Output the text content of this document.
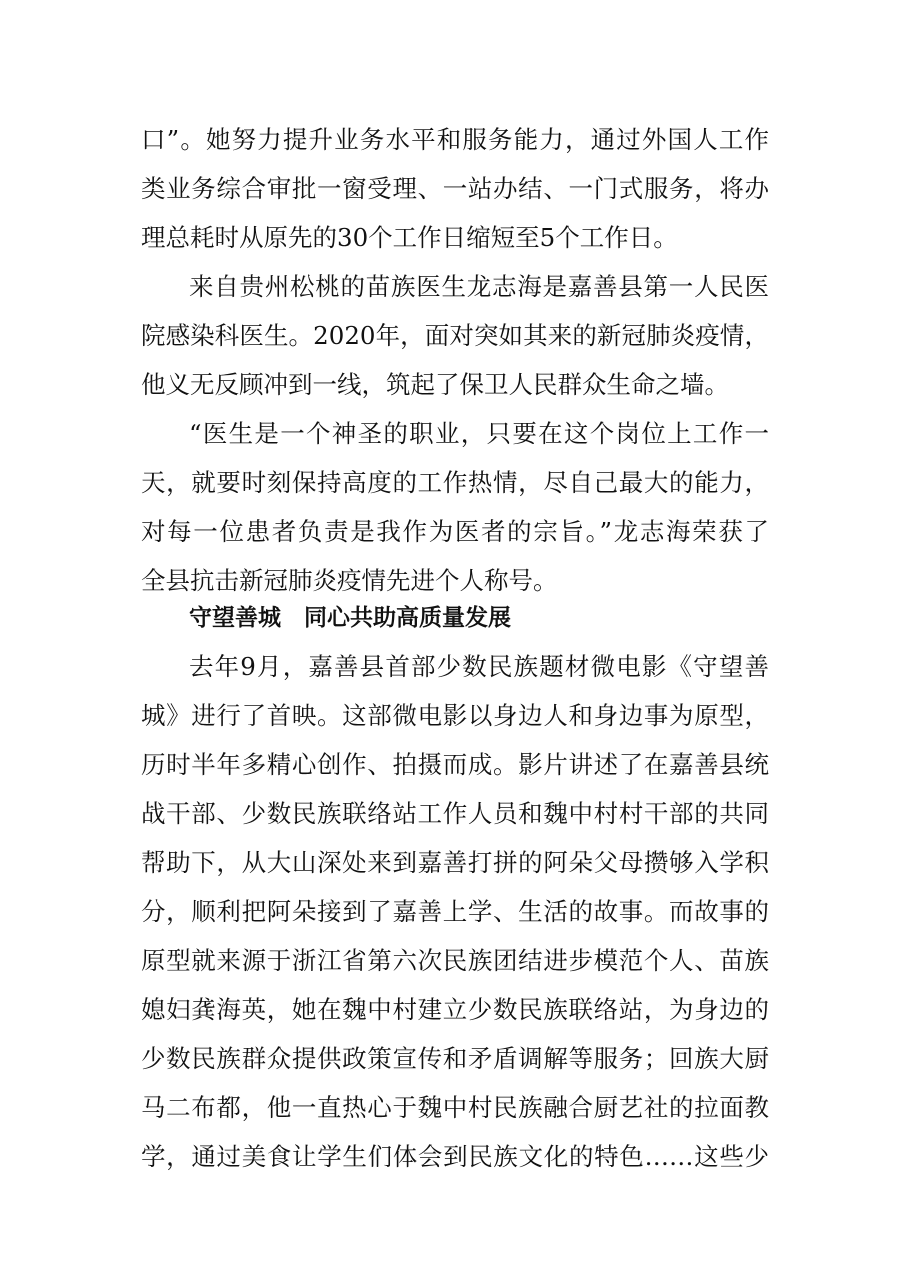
口”。她努力提升业务水平和服务能力，通过外国人工作
类业务综合审批一窗受理、一站办结、一门式服务，将办
理总耗时从原先的30个工作日缩短至5个工作日。
来自贵州松桃的苗族医生龙志海是嘉善县第一人民医
院感染科医生。2020年，面对突如其来的新冠肺炎疫情，
他义无反顾冲到一线，筑起了保卫人民群众生命之墙。
“医生是一个神圣的职业，只要在这个岗位上工作一
天，就要时刻保持高度的工作热情，尽自己最大的能力，
对每一位患者负责是我作为医者的宗旨。”龙志海荣获了
全县抗击新冠肺炎疫情先进个人称号。
守望善城　同心共助高质量发展
去年9月，嘉善县首部少数民族题材微电影《守望善
城》进行了首映。这部微电影以身边人和身边事为原型，
历时半年多精心创作、拍摄而成。影片讲述了在嘉善县统
战干部、少数民族联络站工作人员和魏中村村干部的共同
帮助下，从大山深处来到嘉善打拼的阿朵父母攒够入学积
分，顺利把阿朵接到了嘉善上学、生活的故事。而故事的
原型就来源于浙江省第六次民族团结进步模范个人、苗族
媳妇龚海英，她在魏中村建立少数民族联络站，为身边的
少数民族群众提供政策宣传和矛盾调解等服务；回族大厨
马二布都，他一直热心于魏中村民族融合厨艺社的拉面教
学，通过美食让学生们体会到民族文化的特色……这些少
